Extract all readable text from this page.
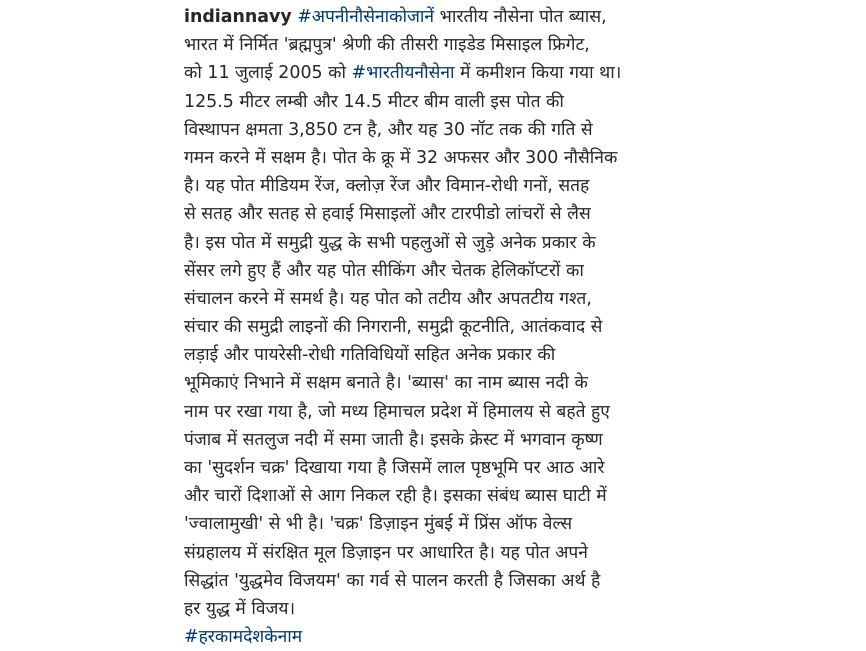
indiannavy #अपनीनौसेनाकोजानें भारतीय नौसेना पोत ब्यास,
भारत में निर्मित 'ब्रह्मपुत्र' श्रेणी की तीसरी गाइडेड मिसाइल फ्रिगेट,
को 11 जुलाई 2005 को #भारतीयनौसेना में कमीशन किया गया था।
125.5 मीटर लम्बी और 14.5 मीटर बीम वाली इस पोत की
विस्थापन क्षमता 3,850 टन है, और यह 30 नॉट तक की गति से
गमन करने में सक्षम है। पोत के क्रू में 32 अफसर और 300 नौसैनिक
है। यह पोत मीडियम रेंज, क्लोज़ रेंज और विमान-रोधी गनों, सतह
से सतह और सतह से हवाई मिसाइलों और टारपीडो लांचरों से लैस
है। इस पोत में समुद्री युद्ध के सभी पहलुओं से जुड़े अनेक प्रकार के
सेंसर लगे हुए हैं और यह पोत सीकिंग और चेतक हेलिकॉप्टरों का
संचालन करने में समर्थ है। यह पोत को तटीय और अपतटीय गश्त,
संचार की समुद्री लाइनों की निगरानी, समुद्री कूटनीति, आतंकवाद से
लड़ाई और पायरेसी-रोधी गतिविधियों सहित अनेक प्रकार की
भूमिकाएं निभाने में सक्षम बनाते है। 'ब्यास' का नाम ब्यास नदी के
नाम पर रखा गया है, जो मध्य हिमाचल प्रदेश में हिमालय से बहते हुए
पंजाब में सतलुज नदी में समा जाती है। इसके क्रेस्ट में भगवान कृष्ण
का 'सुदर्शन चक्र' दिखाया गया है जिसमें लाल पृष्ठभूमि पर आठ आरे
और चारों दिशाओं से आग निकल रही है। इसका संबंध ब्यास घाटी में
'ज्वालामुखी' से भी है। 'चक्र' डिज़ाइन मुंबई में प्रिंस ऑफ वेल्स
संग्रहालय में संरक्षित मूल डिज़ाइन पर आधारित है। यह पोत अपने
सिद्धांत 'युद्धमेव विजयम' का गर्व से पालन करती है जिसका अर्थ है
हर युद्ध में विजय।
#हरकामदेशकेनाम
